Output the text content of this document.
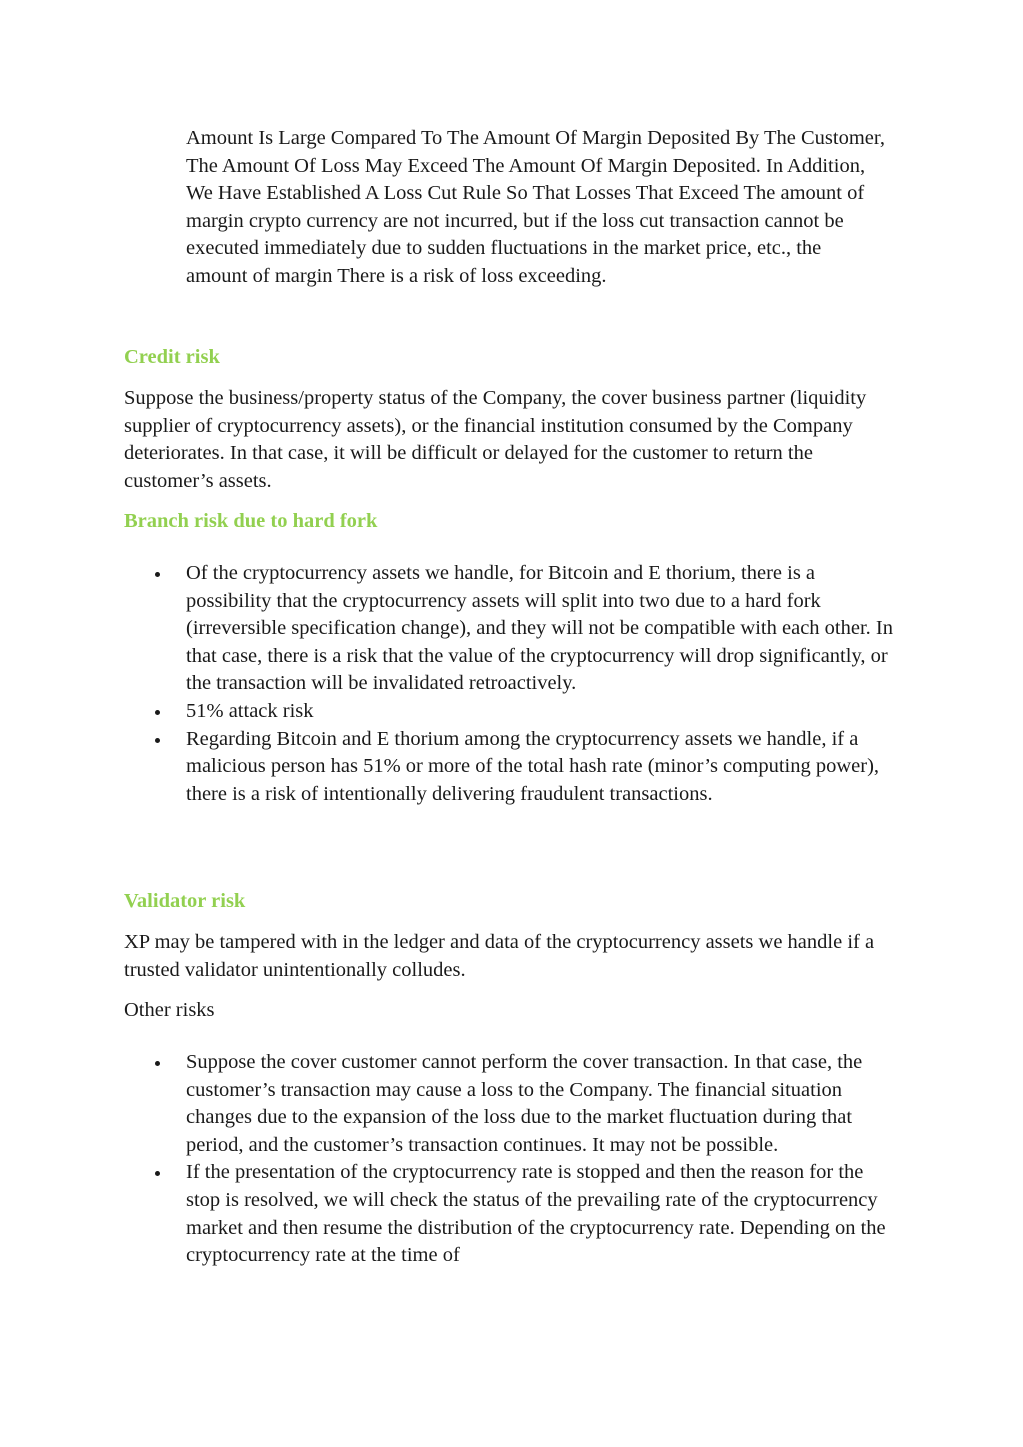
Amount Is Large Compared To The Amount Of Margin Deposited By The Customer, The Amount Of Loss May Exceed The Amount Of Margin Deposited. In Addition, We Have Established A Loss Cut Rule So That Losses That Exceed The amount of margin crypto currency are not incurred, but if the loss cut transaction cannot be executed immediately due to sudden fluctuations in the market price, etc., the amount of margin There is a risk of loss exceeding.

Credit risk

Suppose the business/property status of the Company, the cover business partner (liquidity supplier of cryptocurrency assets), or the financial institution consumed by the Company deteriorates. In that case, it will be difficult or delayed for the customer to return the customer’s assets.

Branch risk due to hard fork
Of the cryptocurrency assets we handle, for Bitcoin and E thorium, there is a possibility that the cryptocurrency assets will split into two due to a hard fork (irreversible specification change), and they will not be compatible with each other. In that case, there is a risk that the value of the cryptocurrency will drop significantly, or the transaction will be invalidated retroactively.
51% attack risk
Regarding Bitcoin and E thorium among the cryptocurrency assets we handle, if a malicious person has 51% or more of the total hash rate (minor’s computing power), there is a risk of intentionally delivering fraudulent transactions.
Validator risk

XP may be tampered with in the ledger and data of the cryptocurrency assets we handle if a trusted validator unintentionally colludes.

Other risks

Suppose the cover customer cannot perform the cover transaction. In that case, the customer’s transaction may cause a loss to the Company. The financial situation changes due to the expansion of the loss due to the market fluctuation during that period, and the customer’s transaction continues. It may not be possible.
If the presentation of the cryptocurrency rate is stopped and then the reason for the stop is resolved, we will check the status of the prevailing rate of the cryptocurrency market and then resume the distribution of the cryptocurrency rate. Depending on the cryptocurrency rate at the time of
